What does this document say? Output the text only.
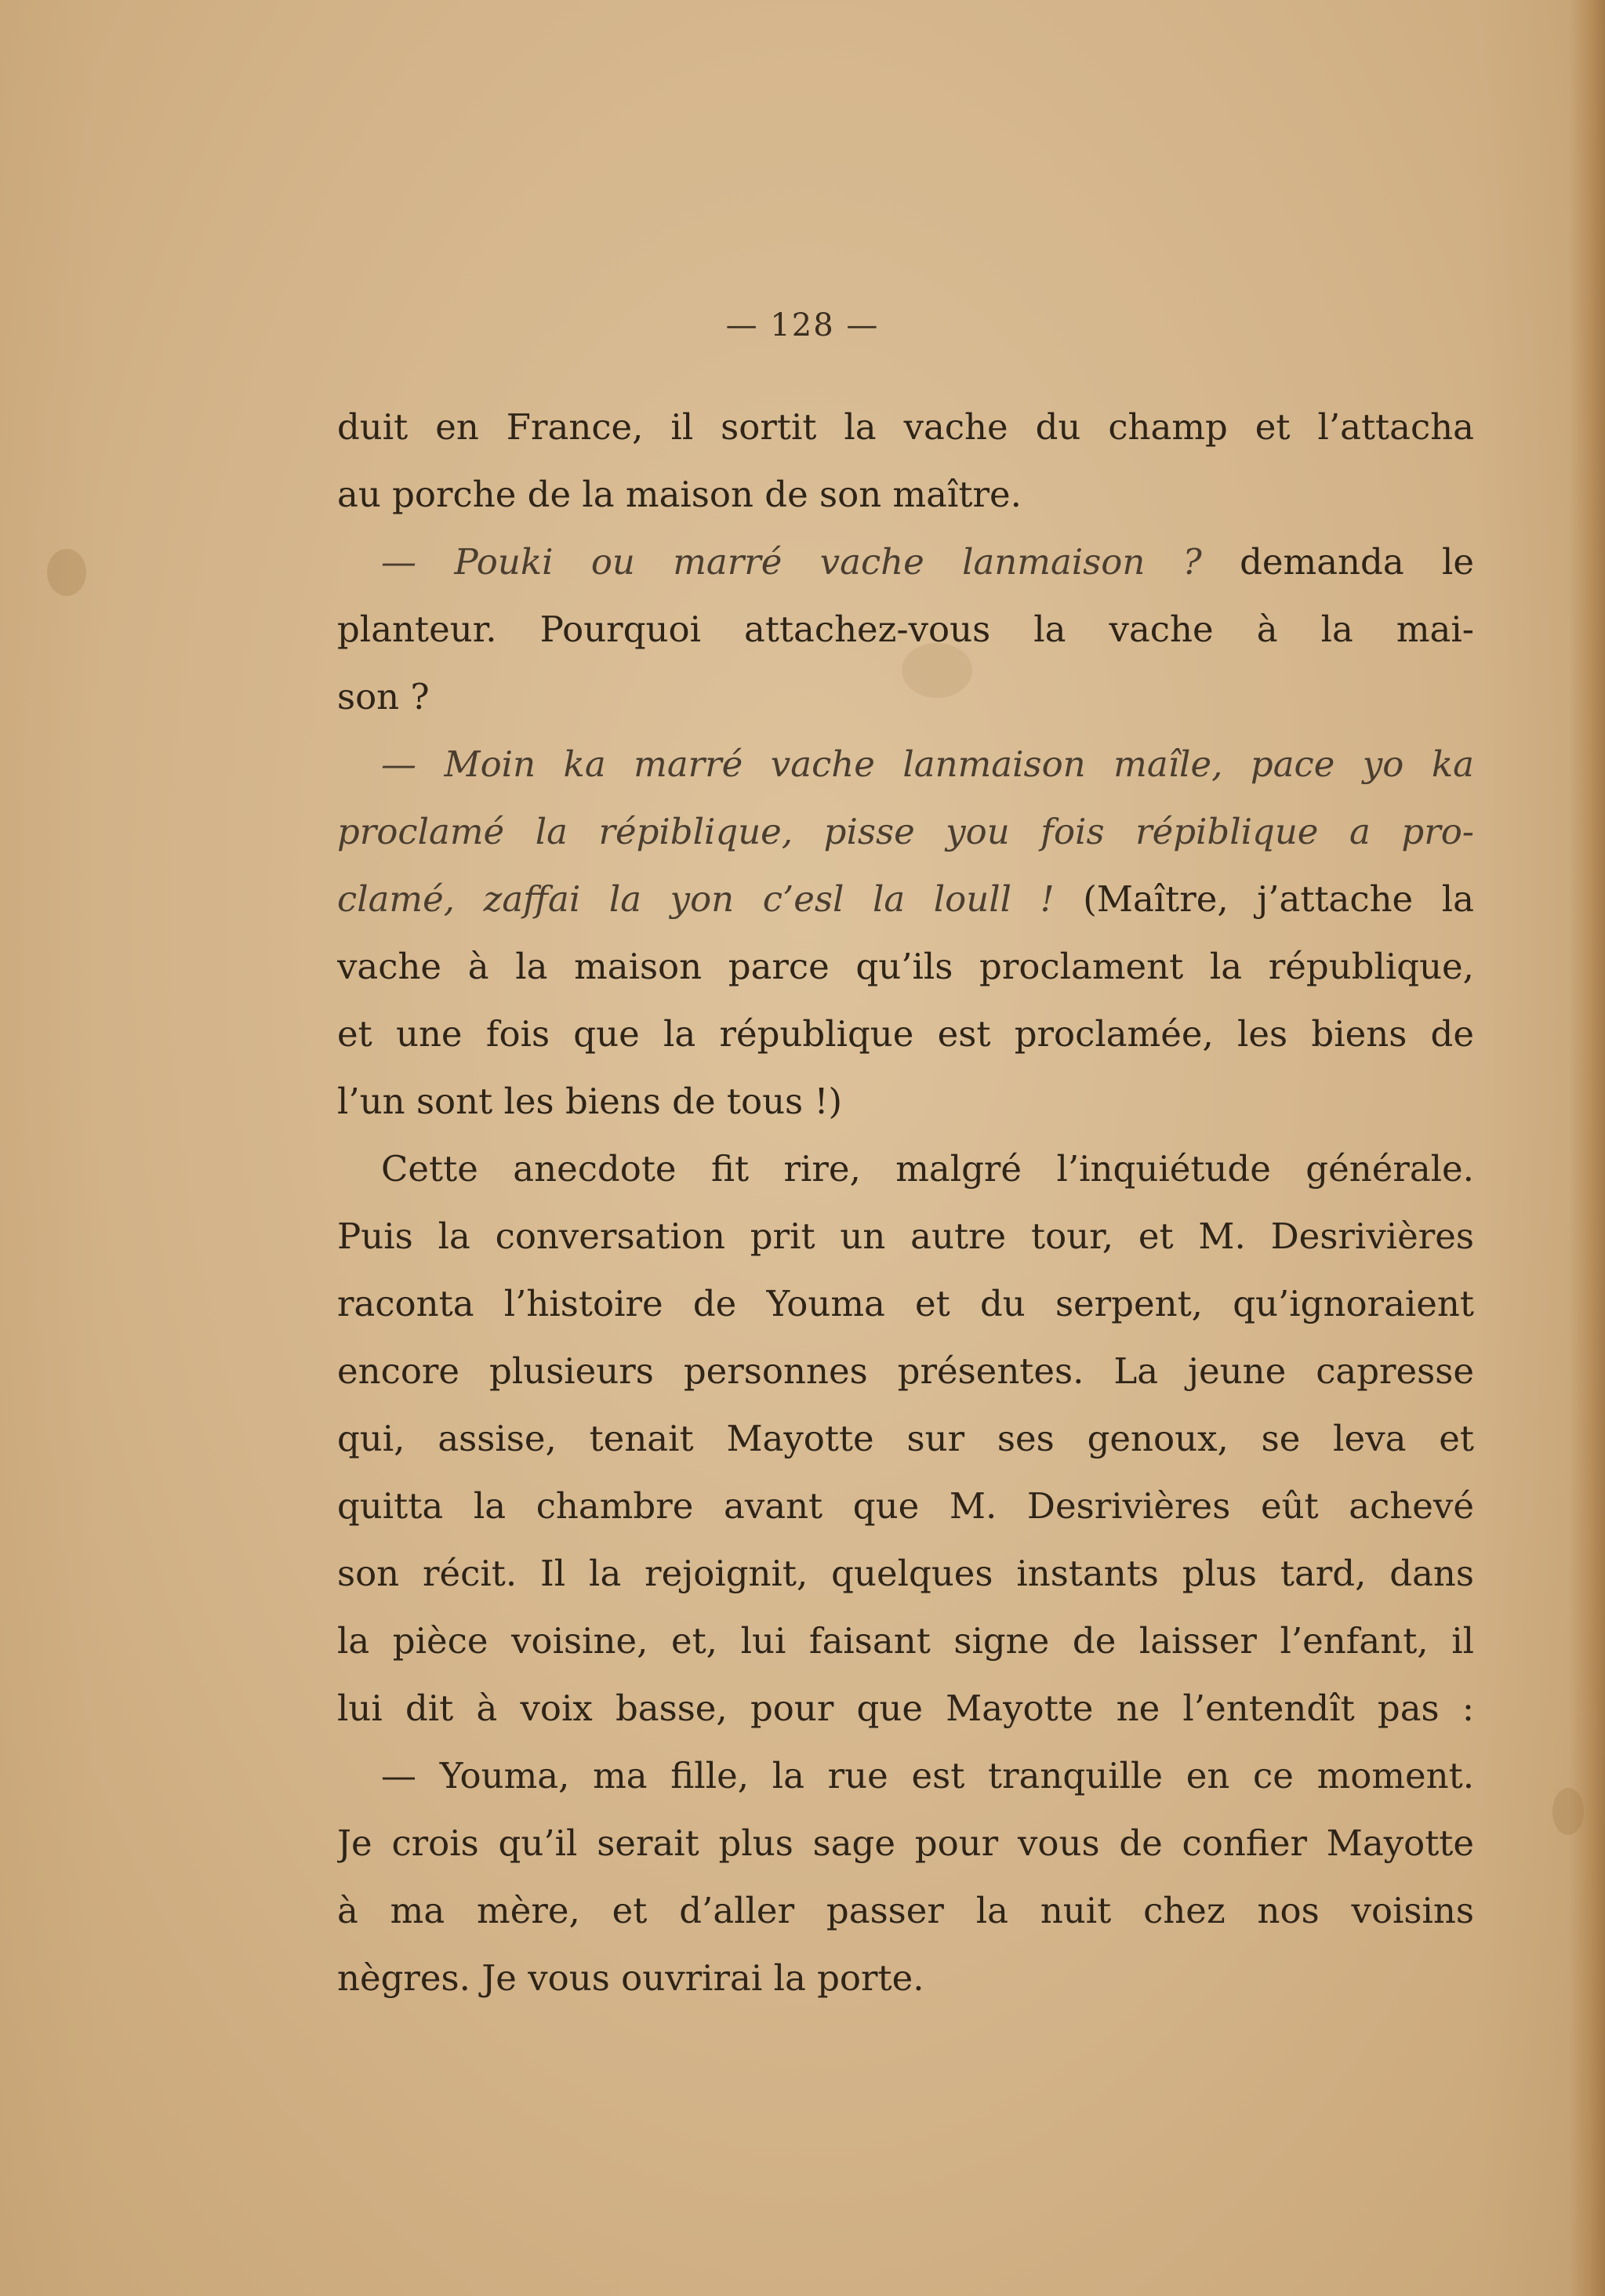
— 128 —
duit en France, il sortit la vache du champ et l’attacha
au porche de la maison de son maître.
— Pouki ou marré vache lanmaison ? demanda le
planteur. Pourquoi attachez-vous la vache à la mai-
son ?
— Moin ka marré vache lanmaison maîle, pace yo ka
proclamé la répiblique, pisse you fois répiblique a pro-
clamé, zaffai la yon c’esl la loull ! (Maître, j’attache la
vache à la maison parce qu’ils proclament la république,
et une fois que la république est proclamée, les biens de
l’un sont les biens de tous !)
Cette anecdote fit rire, malgré l’inquiétude générale.
Puis la conversation prit un autre tour, et M. Desrivières
raconta l’histoire de Youma et du serpent, qu’ignoraient
encore plusieurs personnes présentes. La jeune capresse
qui, assise, tenait Mayotte sur ses genoux, se leva et
quitta la chambre avant que M. Desrivières eût achevé
son récit. Il la rejoignit, quelques instants plus tard, dans
la pièce voisine, et, lui faisant signe de laisser l’enfant, il
lui dit à voix basse, pour que Mayotte ne l’entendît pas :
— Youma, ma fille, la rue est tranquille en ce moment.
Je crois qu’il serait plus sage pour vous de confier Mayotte
à ma mère, et d’aller passer la nuit chez nos voisins
nègres. Je vous ouvrirai la porte.
